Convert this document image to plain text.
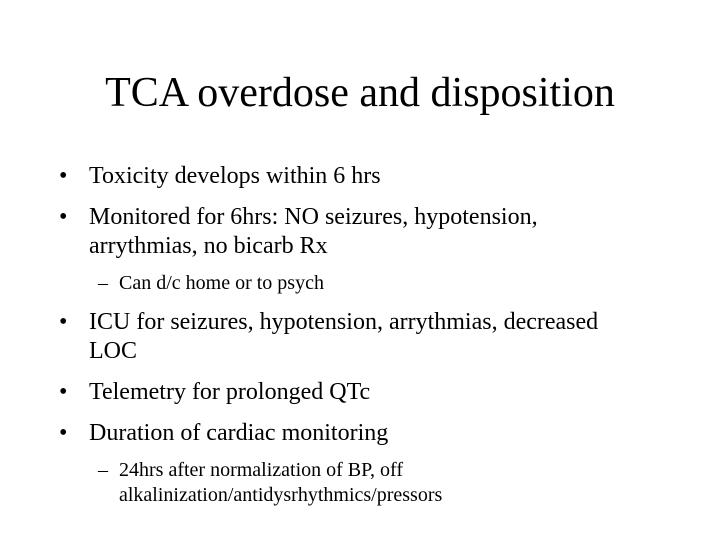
TCA overdose and disposition
• Toxicity develops within 6 hrs
• Monitored for 6hrs: NO seizures, hypotension, arrythmias, no bicarb Rx
– Can d/c home or to psych
• ICU for seizures, hypotension, arrythmias, decreased LOC
• Telemetry for prolonged QTc
• Duration of cardiac monitoring
– 24hrs after normalization of BP, off alkalinization/antidysrhythmics/pressors
